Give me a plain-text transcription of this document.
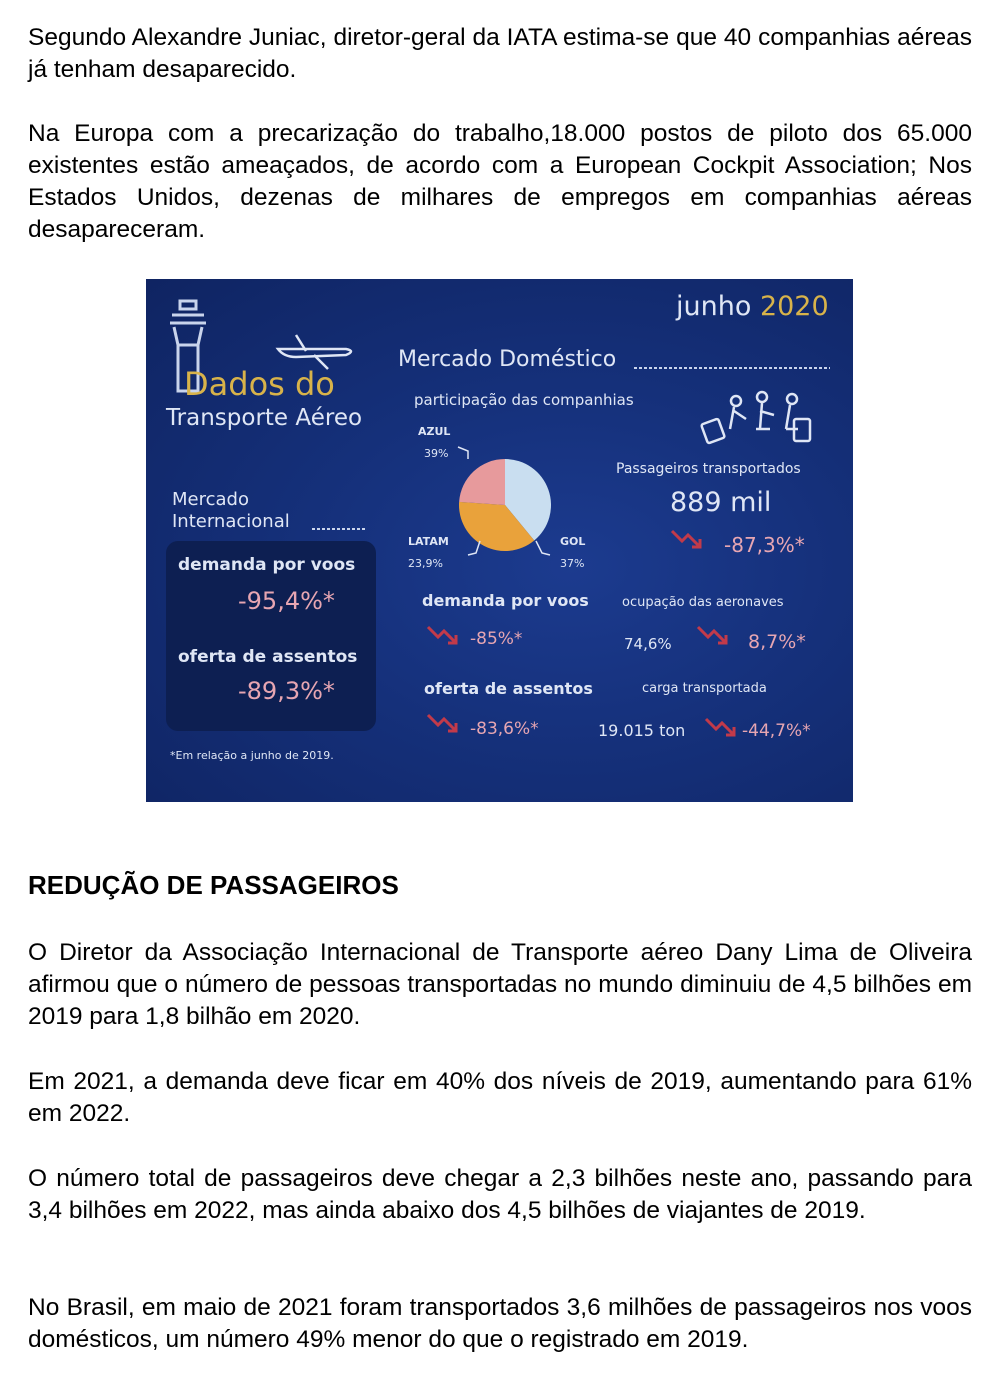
Segundo Alexandre Juniac, diretor-geral da IATA estima-se que 40 companhias aéreas já tenham desaparecido.

Na Europa com a precarização do trabalho,18.000 postos de piloto dos 65.000 existentes estão ameaçados, de acordo com a European Cockpit Association; Nos Estados Unidos, dezenas de milhares de empregos em companhias aéreas desapareceram.

junho 2020
Dados do
Transporte Aéreo
Mercado Doméstico
participação das companhias
AZUL
39%
LATAM
23,9%
GOL
37%
Passageiros transportados
889 mil
-87,3%*
Mercado
Internacional
demanda por voos
-95,4%*
oferta de assentos
-89,3%*
*Em relação a junho de 2019.
demanda por voos
-85%*
ocupação das aeronaves
74,6%	8,7%*
oferta de assentos
-83,6%*
carga transportada
19.015 ton	-44,7%*
REDUÇÃO DE PASSAGEIROS

O Diretor da Associação Internacional de Transporte aéreo Dany Lima de Oliveira afirmou que o número de pessoas transportadas no mundo diminuiu de 4,5 bilhões em 2019 para 1,8 bilhão em 2020.

Em 2021, a demanda deve ficar em 40% dos níveis de 2019, aumentando para 61% em 2022.

O número total de passageiros deve chegar a 2,3 bilhões neste ano, passando para 3,4 bilhões em 2022, mas ainda abaixo dos 4,5 bilhões de viajantes de 2019.

No Brasil, em maio de 2021 foram transportados 3,6 milhões de passageiros nos voos domésticos, um número 49% menor do que o registrado em 2019.
